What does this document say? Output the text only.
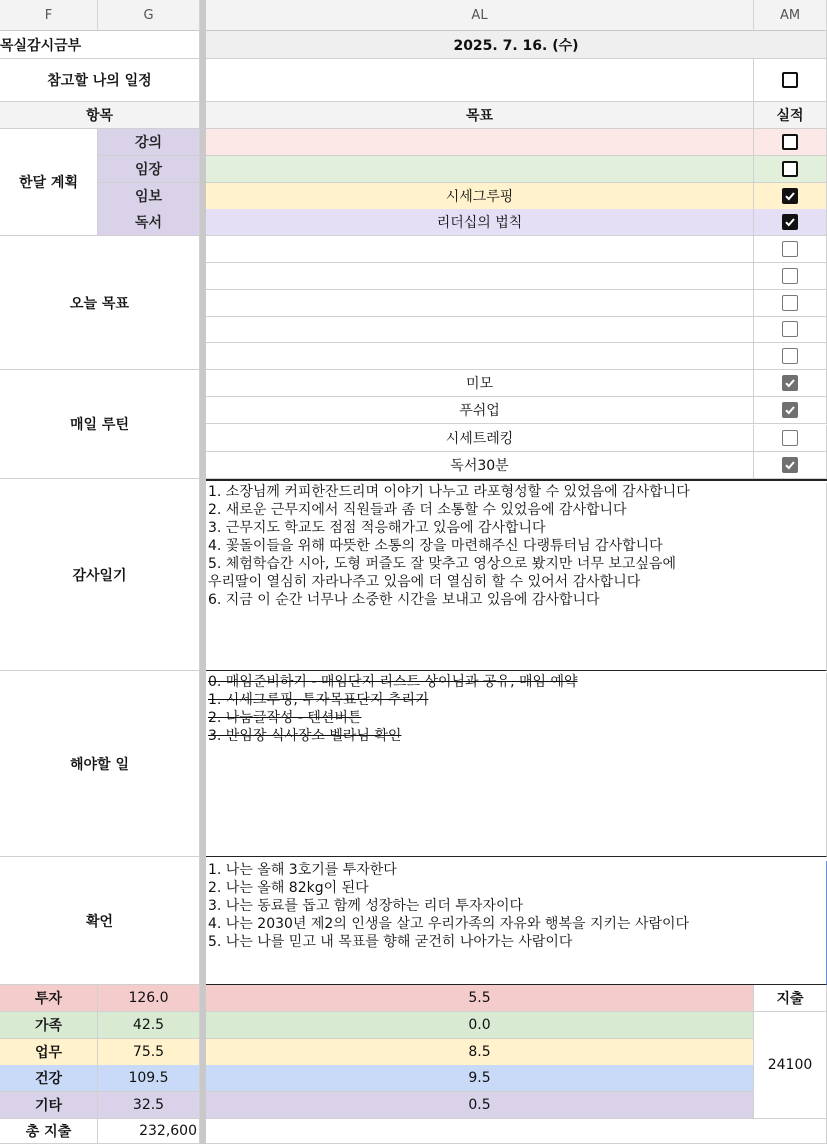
F	G	AL	AM
목실감시금부	2025. 7. 16. (수)
참고할 나의 일정
항목	목표	실적
한달 계획
강의
임장
임보	시세그루핑
독서	리더십의 법칙
오늘 목표
매일 루틴
미모
푸쉬업
시세트레킹
독서30분
감사일기
1. 소장님께 커피한잔드리며 이야기 나누고 라포형성할 수 있었음에 감사합니다
2. 새로운 근무지에서 직원들과 좀 더 소통할 수 있었음에 감사합니다
3. 근무지도 학교도 점점 적응해가고 있음에 감사합니다
4. 꽃돌이들을 위해 따뜻한 소통의 장을 마련해주신 다랭튜터님 감사합니다
5. 체험학습간 시아, 도형 퍼즐도 잘 맞추고 영상으로 봤지만 너무 보고싶음에
우리딸이 열심히 자라나주고 있음에 더 열심히 할 수 있어서 감사합니다
6. 지금 이 순간 너무나 소중한 시간을 보내고 있음에 감사합니다
해야할 일
0. 매임준비하기 - 매임단지 리스트 상이님과 공유, 매임 예약
1. 시세그루핑, 투자목표단지 추리기
2. 나눔글작성 - 텐션버튼
3. 반임장 식사장소 벨라님 확인
확언
1. 나는 올해 3호기를 투자한다
2. 나는 올해 82kg이 된다
3. 나는 동료를 돕고 함께 성장하는 리더 투자자이다
4. 나는 2030년 제2의 인생을 살고 우리가족의 자유와 행복을 지키는 사람이다
5. 나는 나를 믿고 내 목표를 향해 굳건히 나아가는 사람이다
투자	126.0	5.5
가족	42.5	0.0
업무	75.5	8.5
건강	109.5	9.5
기타	32.5	0.5
지출
24100
총 지출	232,600
